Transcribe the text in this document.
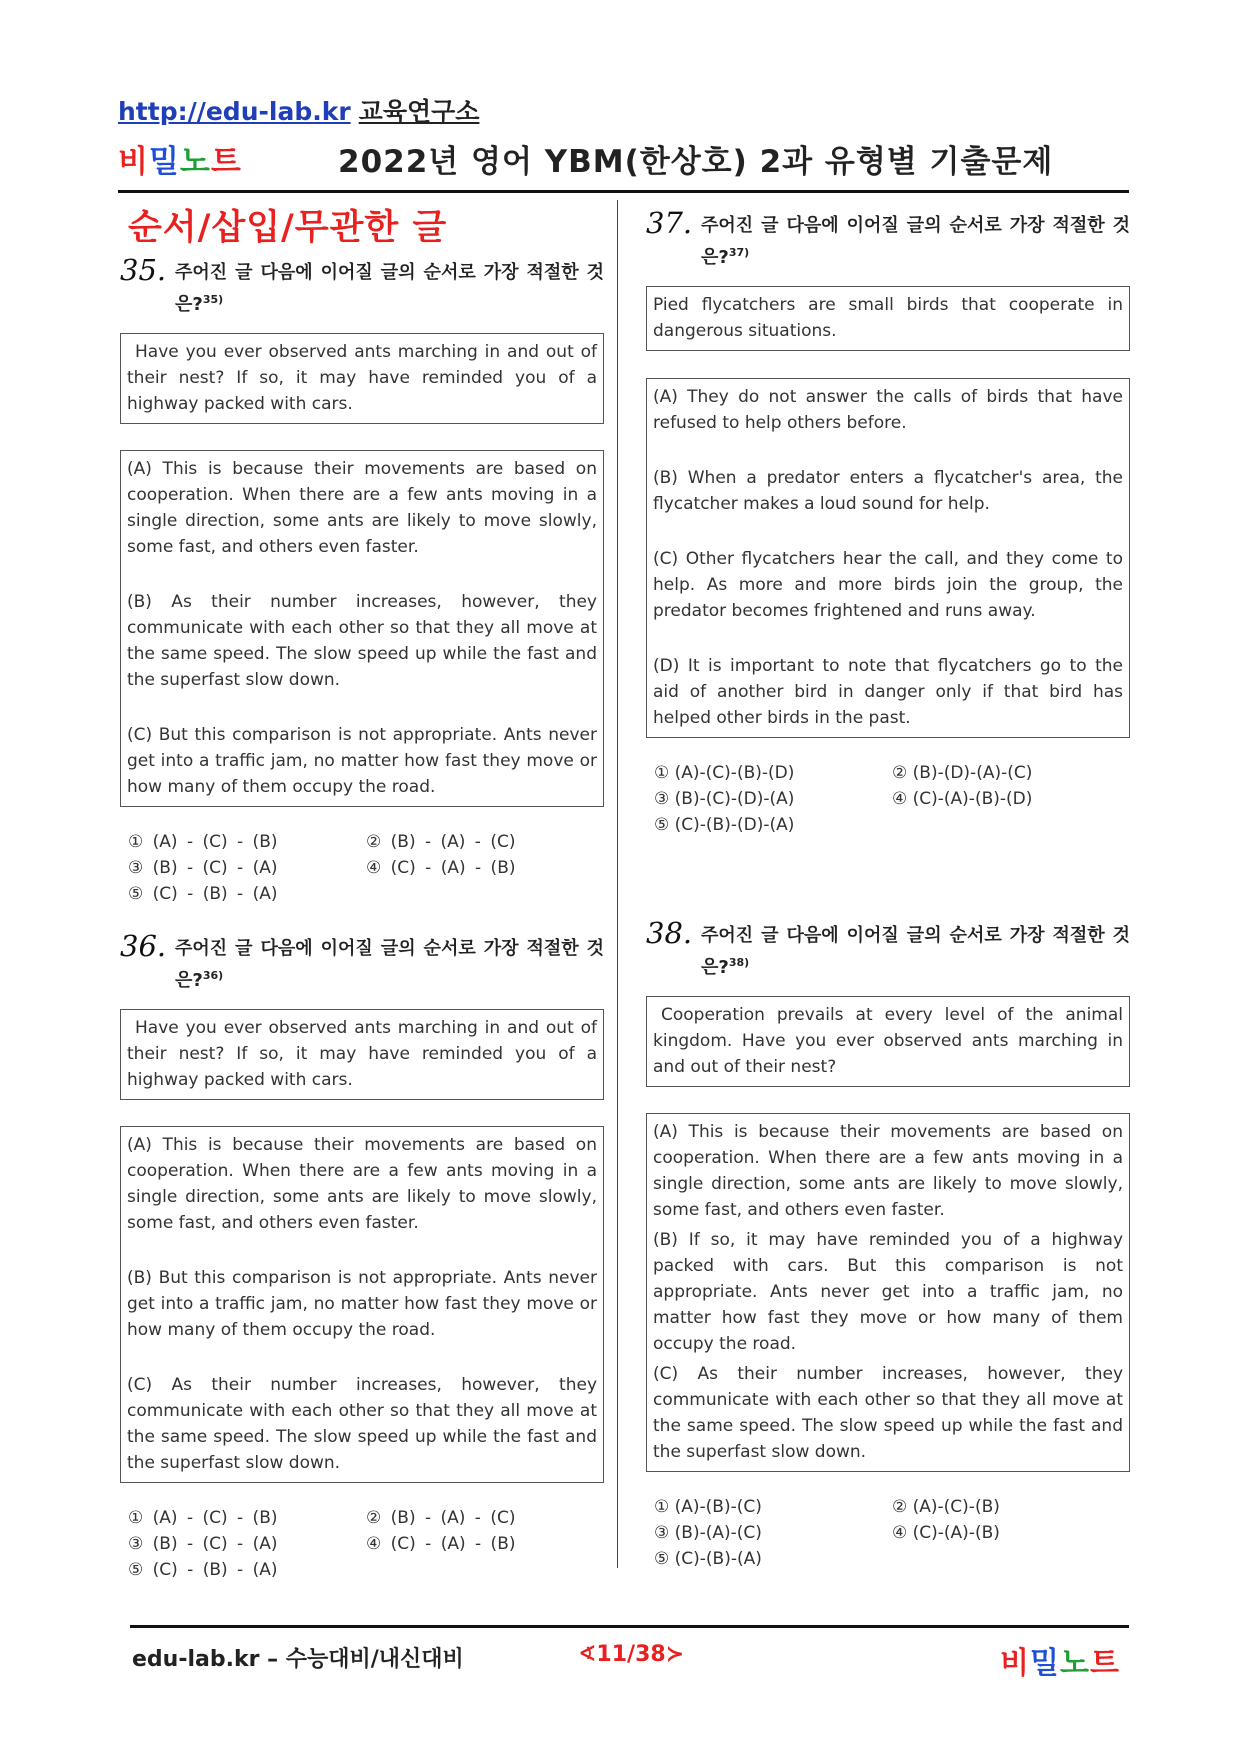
http://edu-lab.kr 교육연구소
비밀노트	2022년 영어 YBM(한상호) 2과 유형별 기출문제
순서/삽입/무관한 글
35. 주어진 글 다음에 이어질 글의 순서로 가장 적절한 것은?$^{35)}$

Have you ever observed ants marching in and out of their nest? If so, it may have reminded you of a highway packed with cars.

(A) This is because their movements are based on cooperation. When there are a few ants moving in a single direction, some ants are likely to move slowly, some fast, and others even faster.

(B) As their number increases, however, they communicate with each other so that they all move at the same speed. The slow speed up while the fast and the superfast slow down.

(C) But this comparison is not appropriate. Ants never get into a traffic jam, no matter how fast they move or how many of them occupy the road.

① (A) - (C) - (B)	② (B) - (A) - (C)
③ (B) - (C) - (A)	④ (C) - (A) - (B)
⑤ (C) - (B) - (A)
36. 주어진 글 다음에 이어질 글의 순서로 가장 적절한 것은?$^{36)}$

Have you ever observed ants marching in and out of their nest? If so, it may have reminded you of a highway packed with cars.

(A) This is because their movements are based on cooperation. When there are a few ants moving in a single direction, some ants are likely to move slowly, some fast, and others even faster.

(B) But this comparison is not appropriate. Ants never get into a traffic jam, no matter how fast they move or how many of them occupy the road.

(C) As their number increases, however, they communicate with each other so that they all move at the same speed. The slow speed up while the fast and the superfast slow down.

① (A) - (C) - (B)	② (B) - (A) - (C)
③ (B) - (C) - (A)	④ (C) - (A) - (B)
⑤ (C) - (B) - (A)
37. 주어진 글 다음에 이어질 글의 순서로 가장 적절한 것은?$^{37)}$

Pied flycatchers are small birds that cooperate in dangerous situations.

(A) They do not answer the calls of birds that have refused to help others before.

(B) When a predator enters a flycatcher's area, the flycatcher makes a loud sound for help.

(C) Other flycatchers hear the call, and they come to help. As more and more birds join the group, the predator becomes frightened and runs away.

(D) It is important to note that flycatchers go to the aid of another bird in danger only if that bird has helped other birds in the past.

① (A)-(C)-(B)-(D)	② (B)-(D)-(A)-(C)
③ (B)-(C)-(D)-(A)	④ (C)-(A)-(B)-(D)
⑤ (C)-(B)-(D)-(A)
38. 주어진 글 다음에 이어질 글의 순서로 가장 적절한 것은?$^{38)}$

Cooperation prevails at every level of the animal kingdom. Have you ever observed ants marching in and out of their nest?

(A) This is because their movements are based on cooperation. When there are a few ants moving in a single direction, some ants are likely to move slowly, some fast, and others even faster.

(B) If so, it may have reminded you of a highway packed with cars. But this comparison is not appropriate. Ants never get into a traffic jam, no matter how fast they move or how many of them occupy the road.

(C) As their number increases, however, they communicate with each other so that they all move at the same speed. The slow speed up while the fast and the superfast slow down.

① (A)-(B)-(C)	② (A)-(C)-(B)
③ (B)-(A)-(C)	④ (C)-(A)-(B)
⑤ (C)-(B)-(A)
edu-lab.kr – 수능대비/내신대비	∢11/38≻	비밀노트
